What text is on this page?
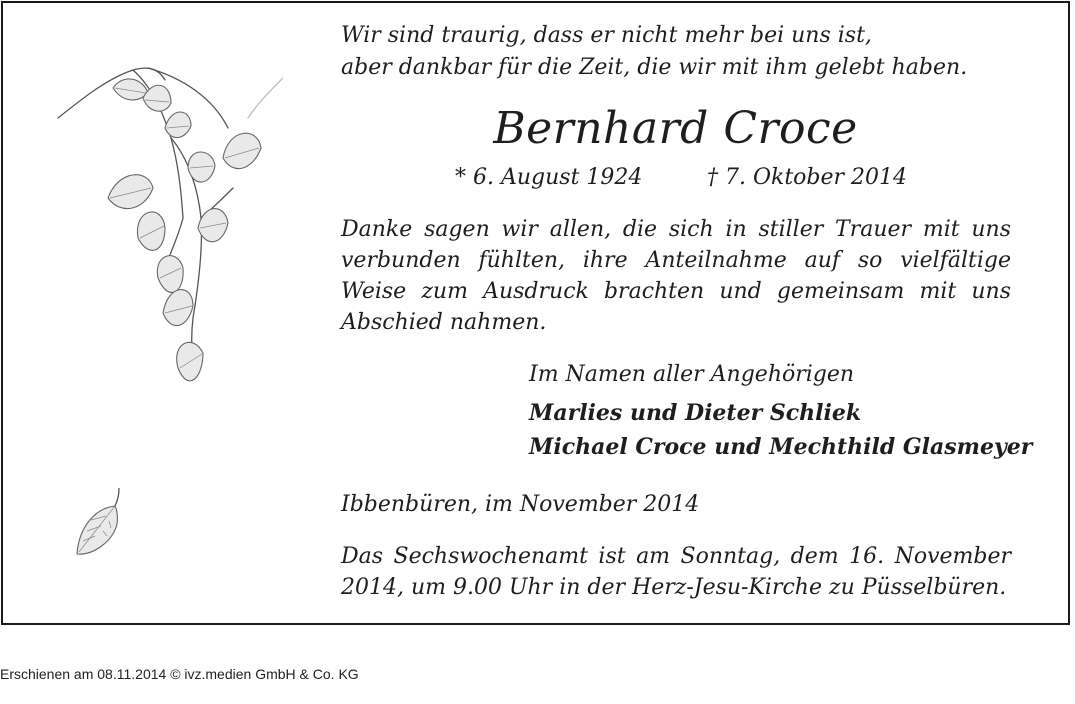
Wir sind traurig, dass er nicht mehr bei uns ist,
aber dankbar für die Zeit, die wir mit ihm gelebt haben.
Bernhard Croce
* 6. August 1924	† 7. Oktober 2014
Danke sagen wir allen, die sich in stiller Trauer mit uns
verbunden fühlten, ihre Anteilnahme auf so vielfältige
Weise zum Ausdruck brachten und gemeinsam mit uns
Abschied nahmen.
Im Namen aller Angehörigen
Marlies und Dieter Schliek
Michael Croce und Mechthild Glasmeyer
Ibbenbüren, im November 2014
Das Sechswochenamt ist am Sonntag, dem 16. November
2014, um 9.00 Uhr in der Herz-Jesu-Kirche zu Püsselbüren.
Erschienen am 08.11.2014 © ivz.medien GmbH & Co. KG
